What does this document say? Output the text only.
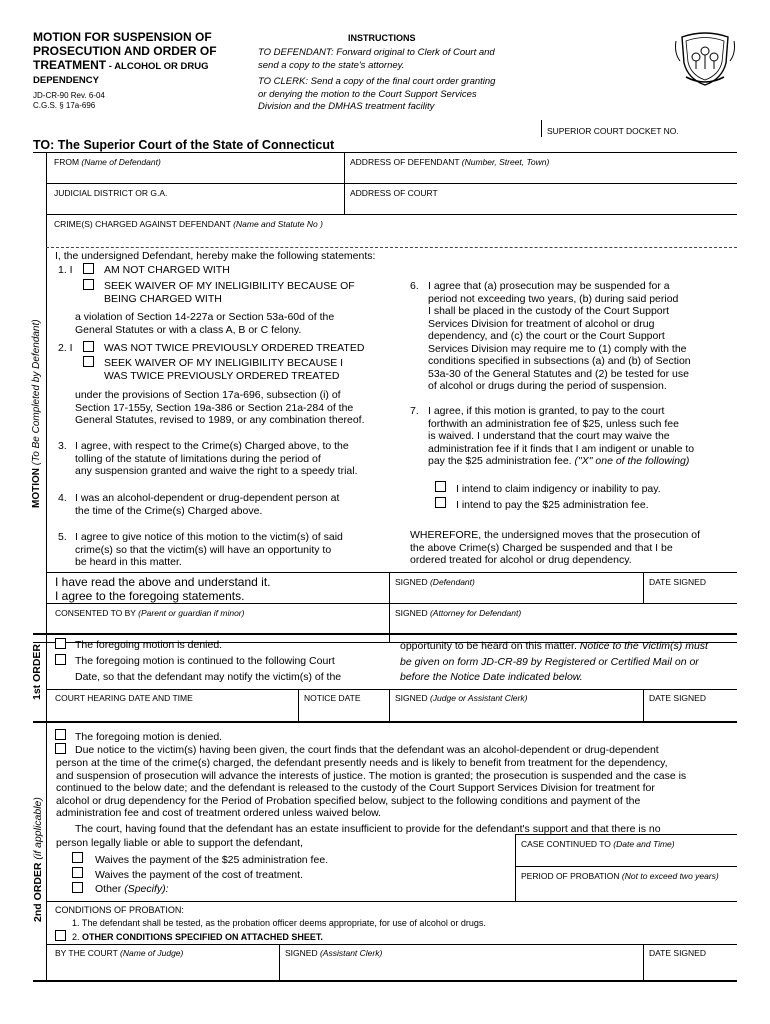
MOTION FOR SUSPENSION OF
PROSECUTION AND ORDER OF
TREATMENT - ALCOHOL OR DRUG
DEPENDENCY
JD-CR-90 Rev. 6-04
C.G.S. § 17a-696
INSTRUCTIONS
TO DEFENDANT: Forward original to Clerk of Court and
send a copy to the state's attorney.
TO CLERK: Send a copy of the final court order granting
or denying the motion to the Court Support Services
Division and the DMHAS treatment facility
SUPERIOR COURT DOCKET NO.
TO: The Superior Court of the State of Connecticut
FROM (Name of Defendant)	ADDRESS OF DEFENDANT (Number, Street, Town)
JUDICIAL DISTRICT OR G.A.	ADDRESS OF COURT
CRIME(S) CHARGED AGAINST DEFENDANT (Name and Statute No )
MOTION (To Be Completed by Defendant)
I, the undersigned Defendant, hereby make the following statements:
1. I	AM NOT CHARGED WITH
SEEK WAIVER OF MY INELIGIBILITY BECAUSE OF
BEING CHARGED WITH
a violation of Section 14-227a or Section 53a-60d of the
General Statutes or with a class A, B or C felony.
2. I	WAS NOT TWICE PREVIOUSLY ORDERED TREATED
SEEK WAIVER OF MY INELIGIBILITY BECAUSE I
WAS TWICE PREVIOUSLY ORDERED TREATED
under the provisions of Section 17a-696, subsection (i) of
Section 17-155y, Section 19a-386 or Section 21a-284 of the
General Statutes, revised to 1989, or any combination thereof.
3. I agree, with respect to the Crime(s) Charged above, to the
tolling of the statute of limitations during the period of
any suspension granted and waive the right to a speedy trial.
4. I was an alcohol-dependent or drug-dependent person at
the time of the Crime(s) Charged above.
5. I agree to give notice of this motion to the victim(s) of said
crime(s) so that the victim(s) will have an opportunity to
be heard in this matter.
6. I agree that (a) prosecution may be suspended for a
period not exceeding two years, (b) during said period
I shall be placed in the custody of the Court Support
Services Division for treatment of alcohol or drug
dependency, and (c) the court or the Court Support
Services Division may require me to (1) comply with the
conditions specified in subsections (a) and (b) of Section
53a-30 of the General Statutes and (2) be tested for use
of alcohol or drugs during the period of suspension.
7. I agree, if this motion is granted, to pay to the court
forthwith an administration fee of $25, unless such fee
is waived. I understand that the court may waive the
administration fee if it finds that I am indigent or unable to
pay the $25 administration fee. ("X" one of the following)
I intend to claim indigency or inability to pay.
I intend to pay the $25 administration fee.
WHEREFORE, the undersigned moves that the prosecution of
the above Crime(s) Charged be suspended and that I be
ordered treated for alcohol or drug dependency.
I have read the above and understand it.
I agree to the foregoing statements.
SIGNED (Defendant)	DATE SIGNED
CONSENTED TO BY (Parent or guardian if minor)	SIGNED (Attorney for Defendant)
1st ORDER	The foregoing motion is denied.
The foregoing motion is continued to the following Court
Date, so that the defendant may notify the victim(s) of the
opportunity to be heard on this matter. Notice to the Victim(s) must
be given on form JD-CR-89 by Registered or Certified Mail on or
before the Notice Date indicated below.
COURT HEARING DATE AND TIME	NOTICE DATE	SIGNED (Judge or Assistant Clerk)	DATE SIGNED
2nd ORDER (if applicable)
The foregoing motion is denied.
Due notice to the victim(s) having been given, the court finds that the defendant was an alcohol-dependent or drug-dependent
person at the time of the crime(s) charged, the defendant presently needs and is likely to benefit from treatment for the dependency,
and suspension of prosecution will advance the interests of justice. The motion is granted; the prosecution is suspended and the case is
continued to the below date; and the defendant is released to the custody of the Court Support Services Division for treatment for
alcohol or drug dependency for the Period of Probation specified below, subject to the following conditions and payment of the
administration fee and cost of treatment ordered unless waived below.
The court, having found that the defendant has an estate insufficient to provide for the defendant's support and that there is no
person legally liable or able to support the defendant,	CASE CONTINUED TO (Date and Time)
PERIOD OF PROBATION (Not to exceed two years)
Waives the payment of the $25 administration fee.
Waives the payment of the cost of treatment.
Other (Specify):
CONDITIONS OF PROBATION:
1. The defendant shall be tested, as the probation officer deems appropriate, for use of alcohol or drugs.
2. OTHER CONDITIONS SPECIFIED ON ATTACHED SHEET.
BY THE COURT (Name of Judge)	SIGNED (Assistant Clerk)	DATE SIGNED
